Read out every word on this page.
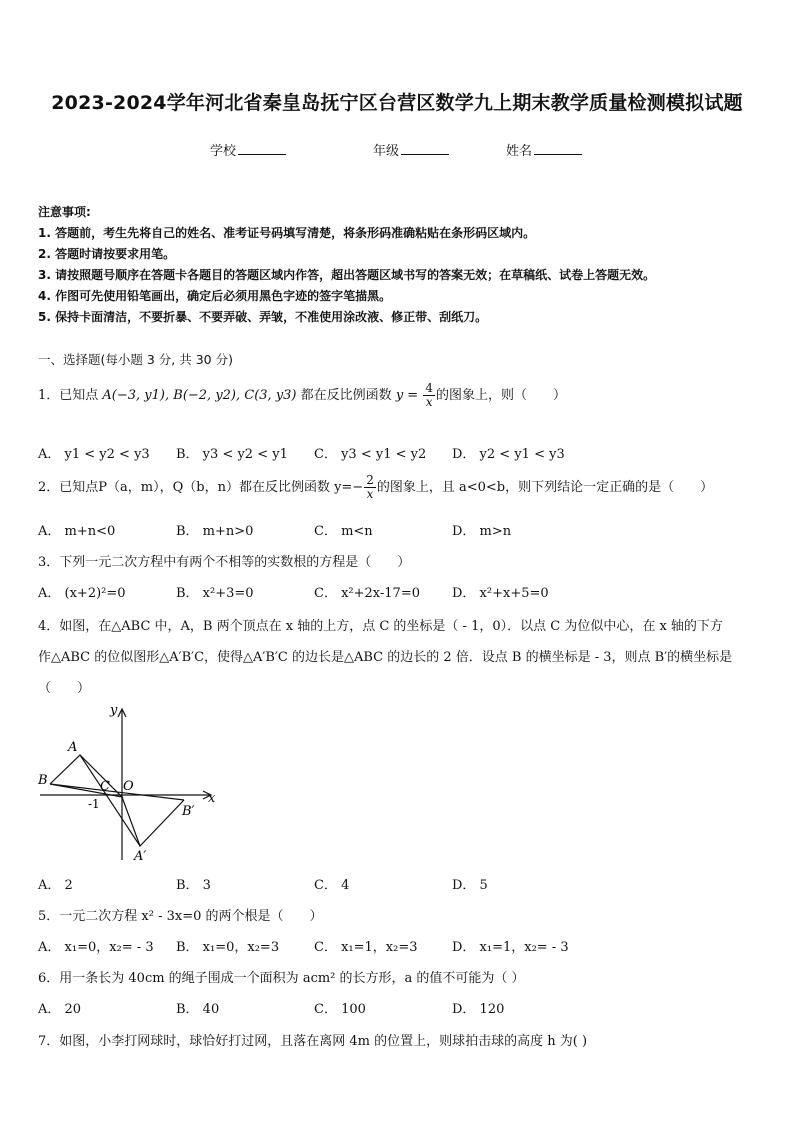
2023-2024学年河北省秦皇岛抚宁区台营区数学九上期末教学质量检测模拟试题
学校	年级	姓名
注意事项:
1. 答题前，考生先将自己的姓名、准考证号码填写清楚，将条形码准确粘贴在条形码区域内。
2. 答题时请按要求用笔。
3. 请按照题号顺序在答题卡各题目的答题区域内作答，超出答题区域书写的答案无效；在草稿纸、试卷上答题无效。
4. 作图可先使用铅笔画出，确定后必须用黑色字迹的签字笔描黑。
5. 保持卡面清洁，不要折暴、不要弄破、弄皱，不准使用涂改液、修正带、刮纸刀。
一、选择题(每小题 3 分, 共 30 分)
1．已知点 A(−3, y1), B(−2, y2), C(3, y3) 都在反比例函数 $y = \frac{4}{x}$ 的图象上，则（　　）
A． y1 < y2 < y3 B． y3 < y2 < y1 C． y3 < y1 < y2 D． y2 < y1 < y3
2．已知点P（a，m），Q（b，n）都在反比例函数 $y=- \frac{2}{x}$ 的图象上，且 a<0<b，则下列结论一定正确的是（　　）
A． m+n<0	B． m+n>0	C． m<n	D． m>n
3．下列一元二次方程中有两个不相等的实数根的方程是（　　）
A． (x+2)²=0	B． x²+3=0	C． x²+2x-17=0 D． x²+x+5=0
4．如图，在△ABC 中，A，B 两个顶点在 x 轴的上方，点 C 的坐标是（ - 1，0）．以点 C 为位似中心，在 x 轴的下方
作△ABC 的位似图形△A′B′C，使得△A′B′C 的边长是△ABC 的边长的 2 倍．设点 B 的横坐标是 - 3，则点 B′的横坐标是
（　　）
y
x
A
B	C O
-1	B′
A′
A． 2	B． 3	C． 4	D． 5
5．一元二次方程 x² - 3x=0 的两个根是（　　）
A． x₁=0，x₂= - 3 B． x₁=0，x₂=3	C． x₁=1，x₂=3	D． x₁=1，x₂= - 3
6．用一条长为 40cm 的绳子围成一个面积为 acm² 的长方形，a 的值不可能为（ ）
A． 20	B． 40	C． 100	D． 120
7．如图，小李打网球时，球恰好打过网，且落在离网 4m 的位置上，则球拍击球的高度 h 为( )
